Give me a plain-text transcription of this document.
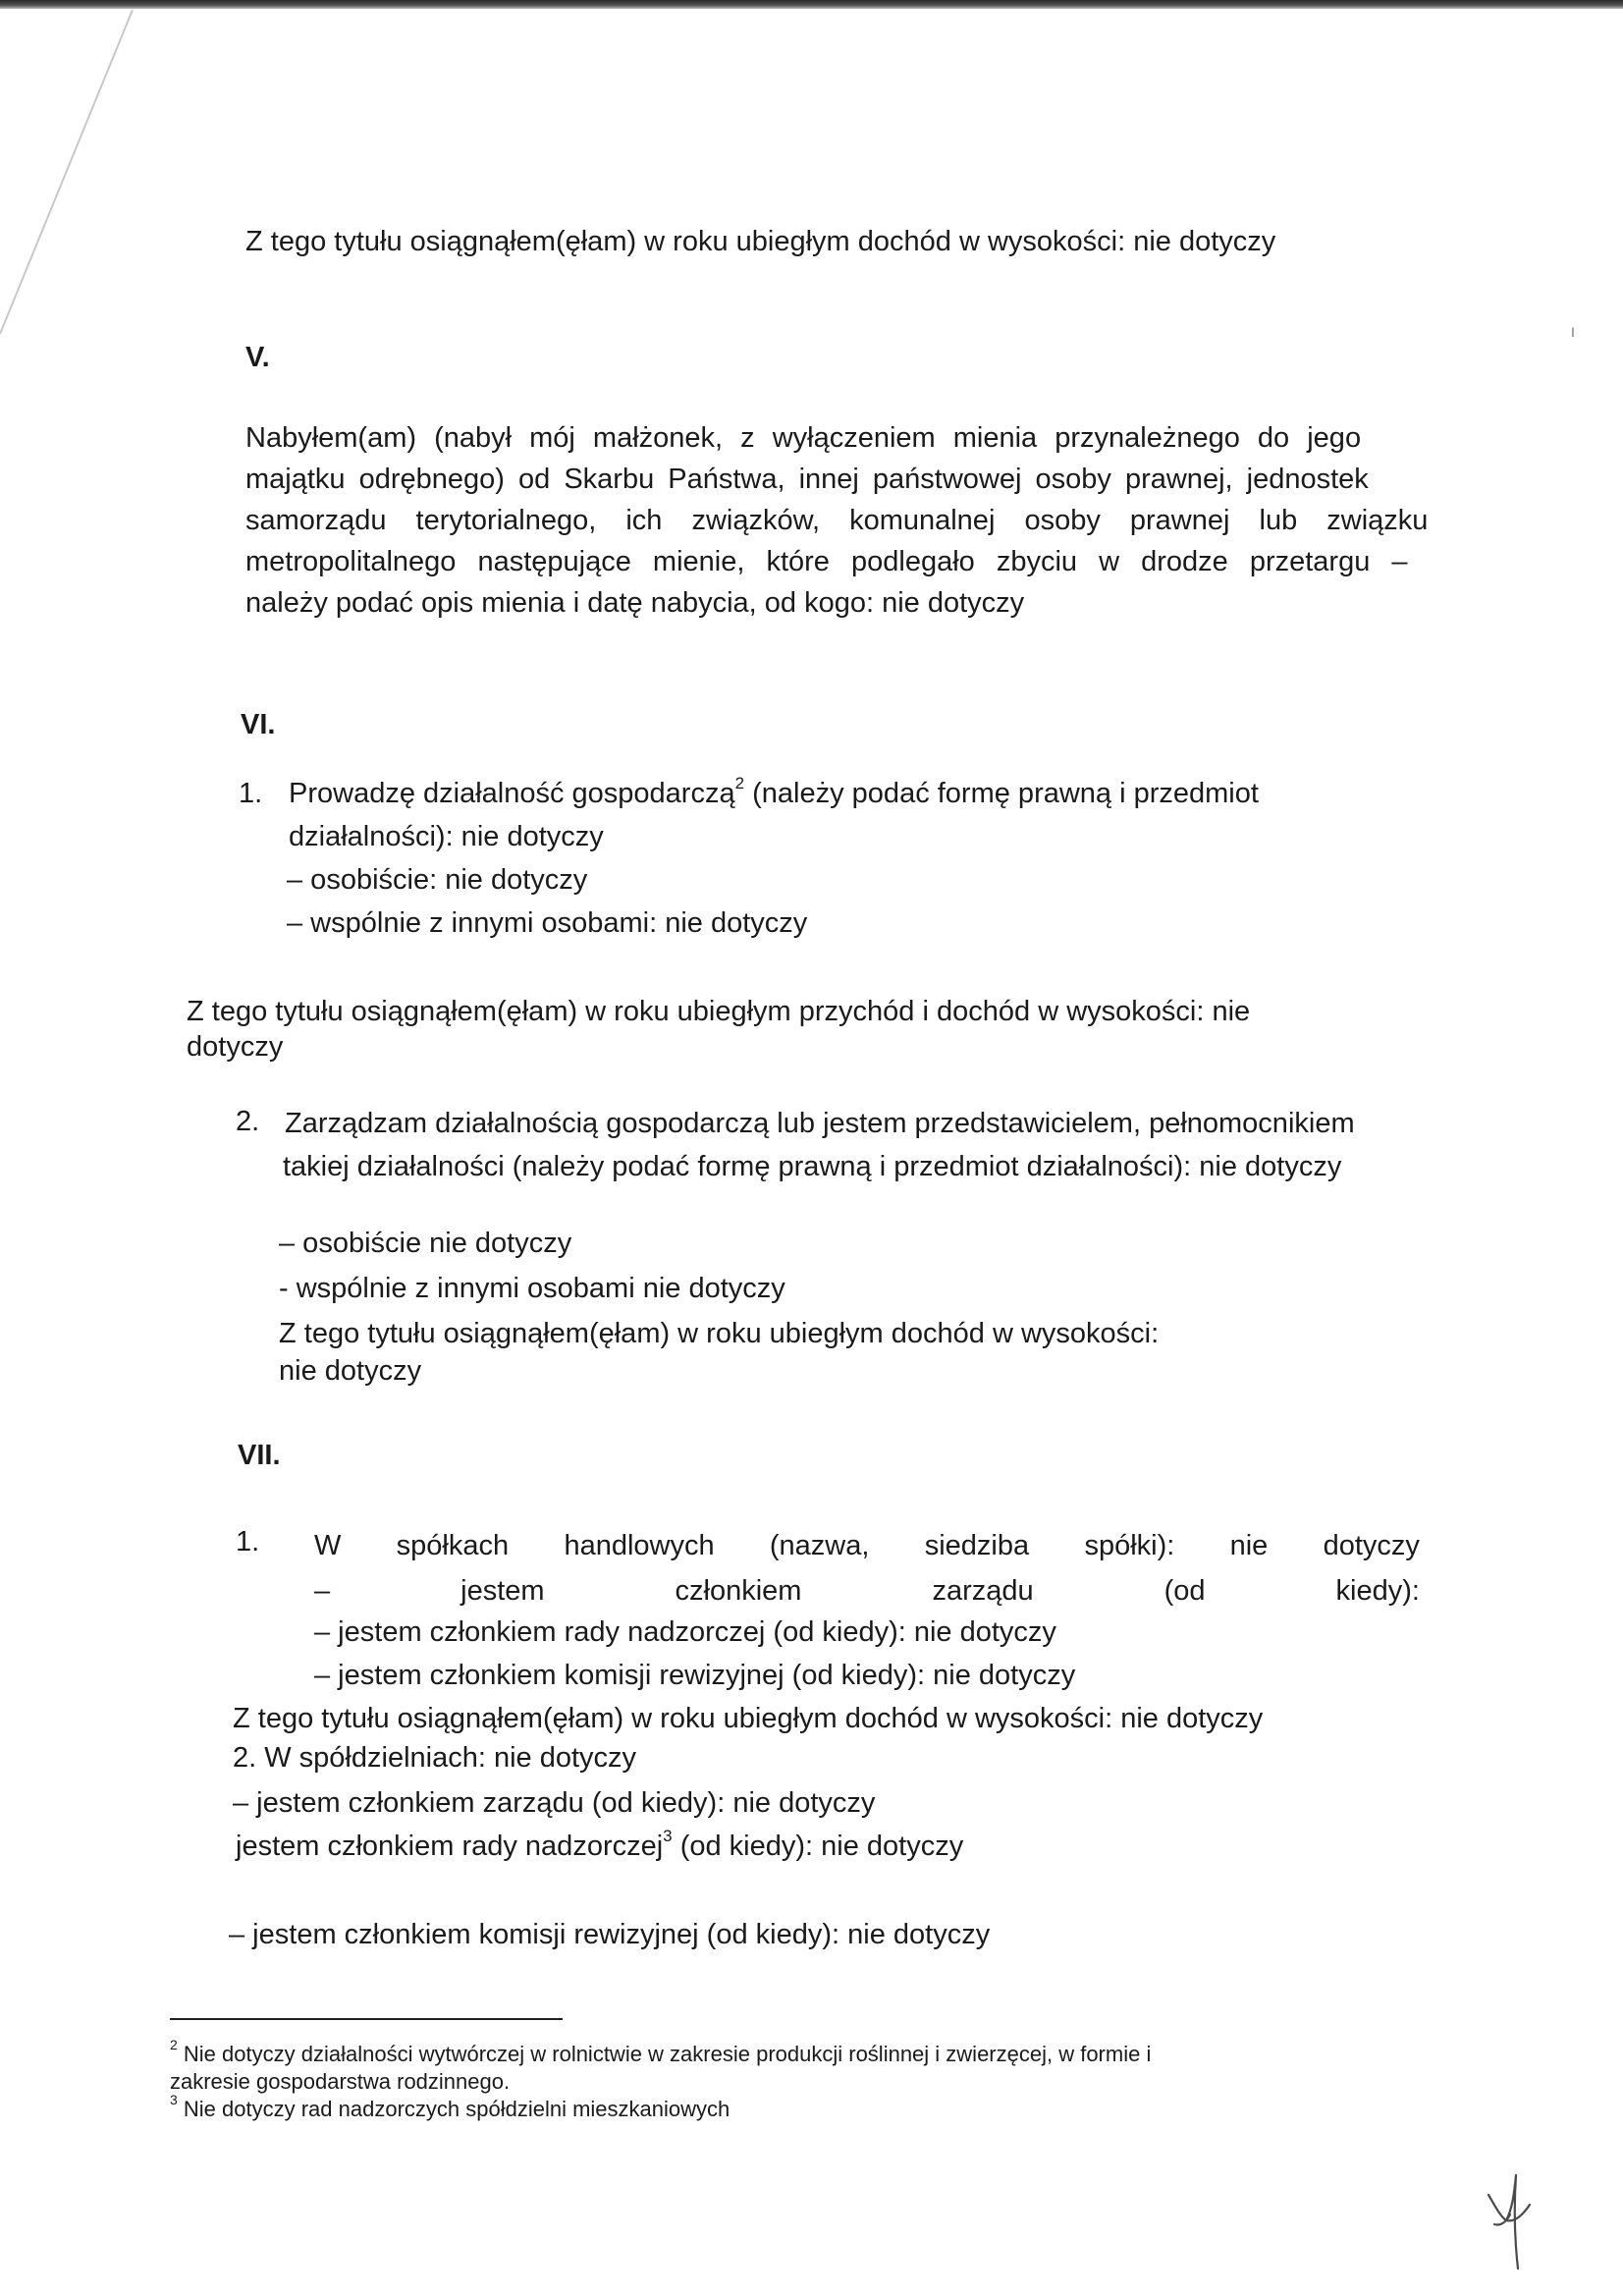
I
Z tego tytułu osiągnąłem(ęłam) w roku ubiegłym dochód w wysokości: nie dotyczy
V.
Nabyłem(am) (nabył mój małżonek, z wyłączeniem mienia przynależnego do jego
majątku odrębnego) od Skarbu Państwa, innej państwowej osoby prawnej, jednostek
samorządu terytorialnego, ich związków, komunalnej osoby prawnej lub związku
metropolitalnego następujące mienie, które podlegało zbyciu w drodze przetargu –
należy podać opis mienia i datę nabycia, od kogo: nie dotyczy
VI.
1. Prowadzę działalność gospodarczą$^2$ (należy podać formę prawną i przedmiot
działalności): nie dotyczy
– osobiście: nie dotyczy
– wspólnie z innymi osobami: nie dotyczy
Z tego tytułu osiągnąłem(ęłam) w roku ubiegłym przychód i dochód w wysokości: nie
dotyczy
2. Zarządzam działalnością gospodarczą lub jestem przedstawicielem, pełnomocnikiem
takiej działalności (należy podać formę prawną i przedmiot działalności): nie dotyczy
– osobiście nie dotyczy
- wspólnie z innymi osobami nie dotyczy
Z tego tytułu osiągnąłem(ęłam) w roku ubiegłym dochód w wysokości:
nie dotyczy
VII.
1. W spółkach handlowych (nazwa, siedziba spółki): nie dotyczy
–	jestem	członkiem	zarządu	(od	kiedy):
– jestem członkiem rady nadzorczej (od kiedy): nie dotyczy
– jestem członkiem komisji rewizyjnej (od kiedy): nie dotyczy
Z tego tytułu osiągnąłem(ęłam) w roku ubiegłym dochód w wysokości: nie dotyczy
2. W spółdzielniach: nie dotyczy
– jestem członkiem zarządu (od kiedy): nie dotyczy
jestem członkiem rady nadzorczej$^3$ (od kiedy): nie dotyczy
– jestem członkiem komisji rewizyjnej (od kiedy): nie dotyczy
$^2$ Nie dotyczy działalności wytwórczej w rolnictwie w zakresie produkcji roślinnej i zwierzęcej, w formie i
zakresie gospodarstwa rodzinnego.
$^3$ Nie dotyczy rad nadzorczych spółdzielni mieszkaniowych
